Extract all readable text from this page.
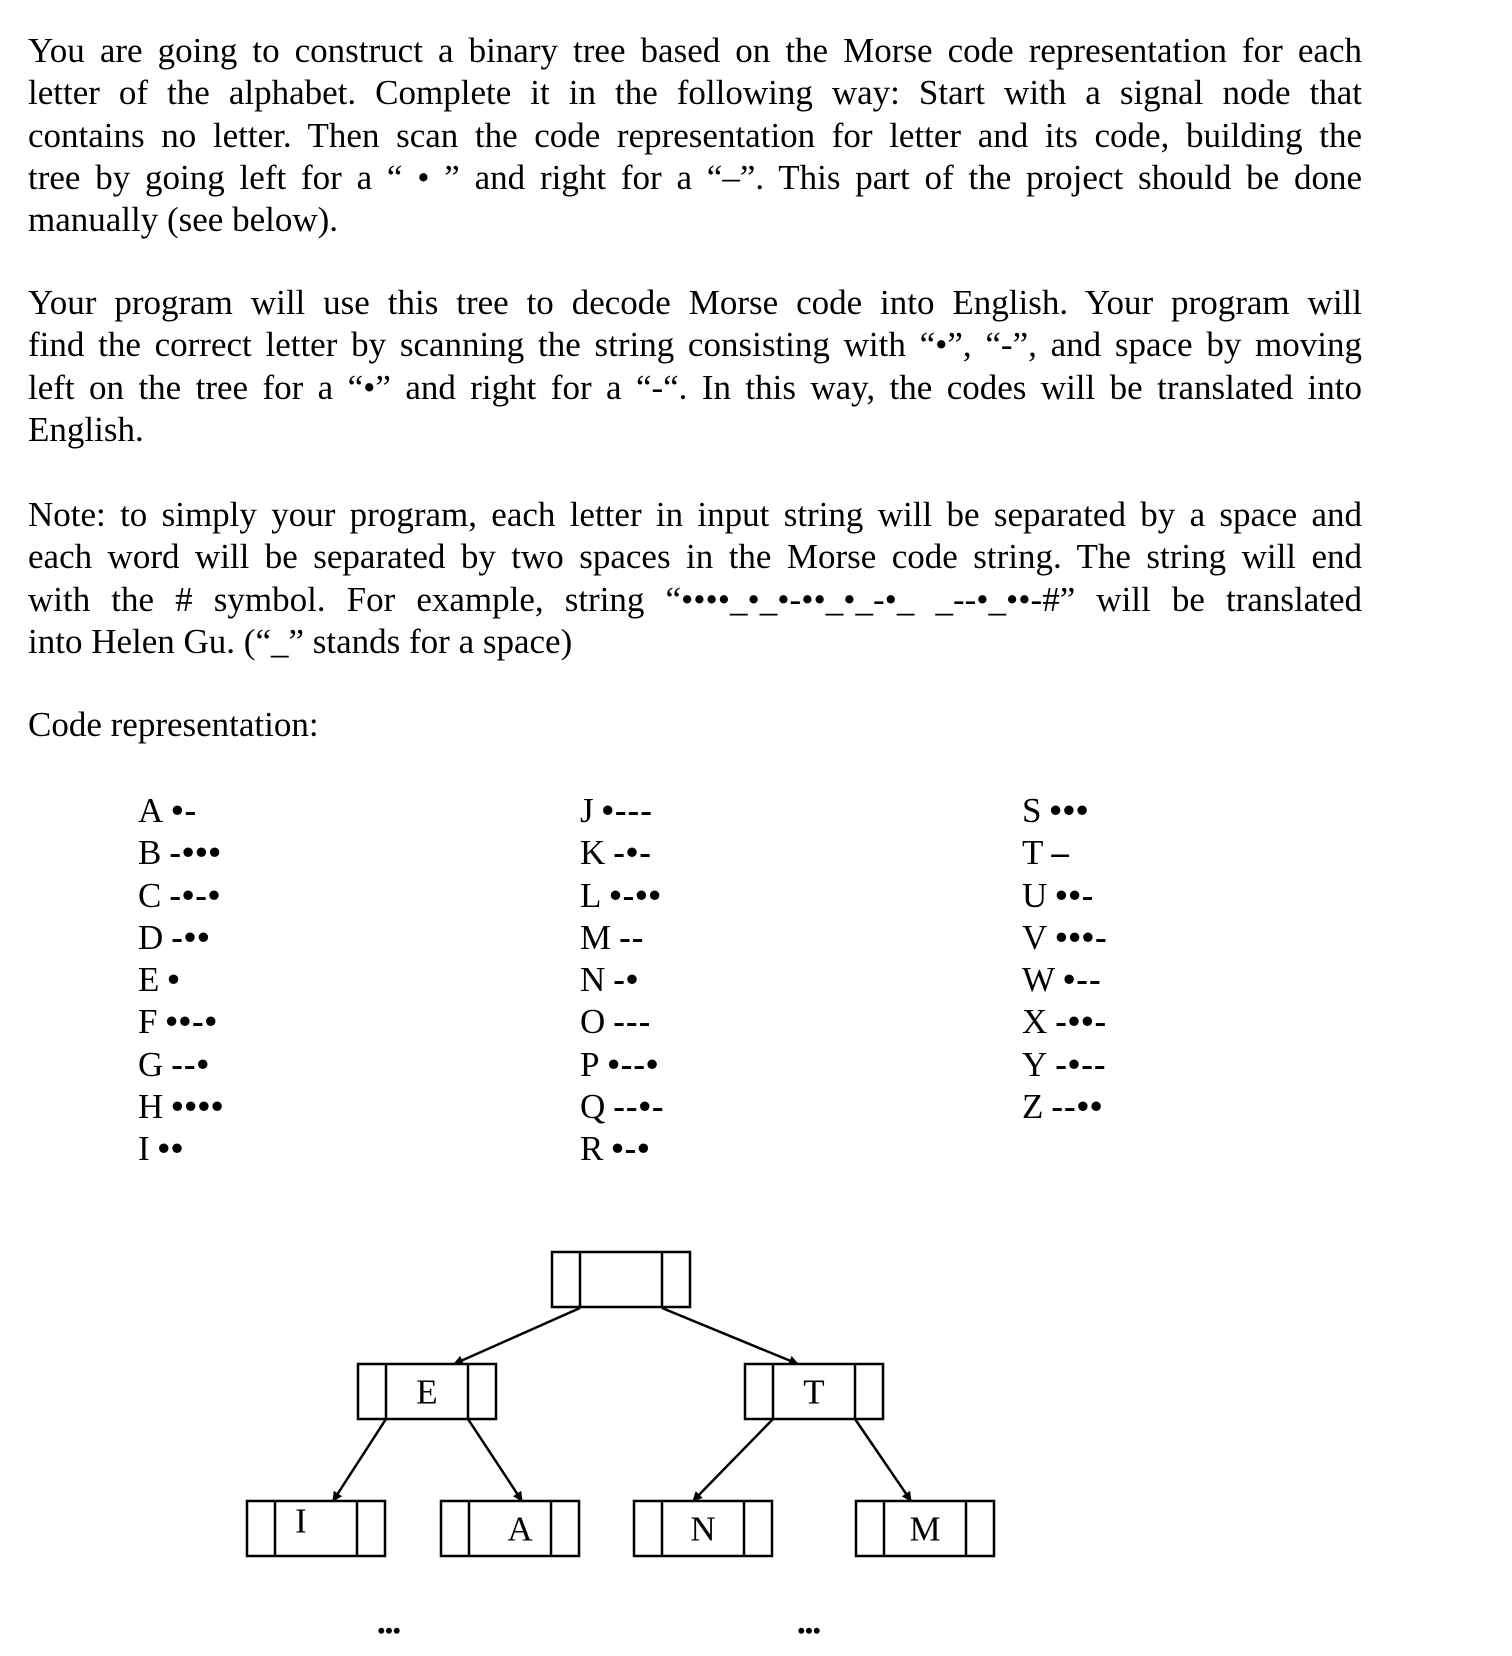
You are going to construct a binary tree based on the Morse code representation for each
letter of the alphabet. Complete it in the following way: Start with a signal node that
contains no letter. Then scan the code representation for letter and its code, building the
tree by going left for a “ • ” and right for a “–”. This part of the project should be done
manually (see below).
Your program will use this tree to decode Morse code into English. Your program will
find the correct letter by scanning the string consisting with “•”, “-”, and space by moving
left on the tree for a “•” and right for a “-“. In this way, the codes will be translated into
English.
Note: to simply your program, each letter in input string will be separated by a space and
each word will be separated by two spaces in the Morse code string. The string will end
with the # symbol. For example, string “••••_•_•-••_•_-•_ _--•_••-#” will be translated
into Helen Gu. (“_” stands for a space)
Code representation:
A •-
B -•••
C -•-•
D -••
E •
F ••-•
G --•
H ••••
I ••
J •---
K -•-
L •-••
M --
N -•
O ---
P •--•
Q --•-
R •-•
S •••
T –
U ••-
V •••-
W •--
X -••-
Y -•--
Z --••
E	T
I	A	N	M
•••	•••
